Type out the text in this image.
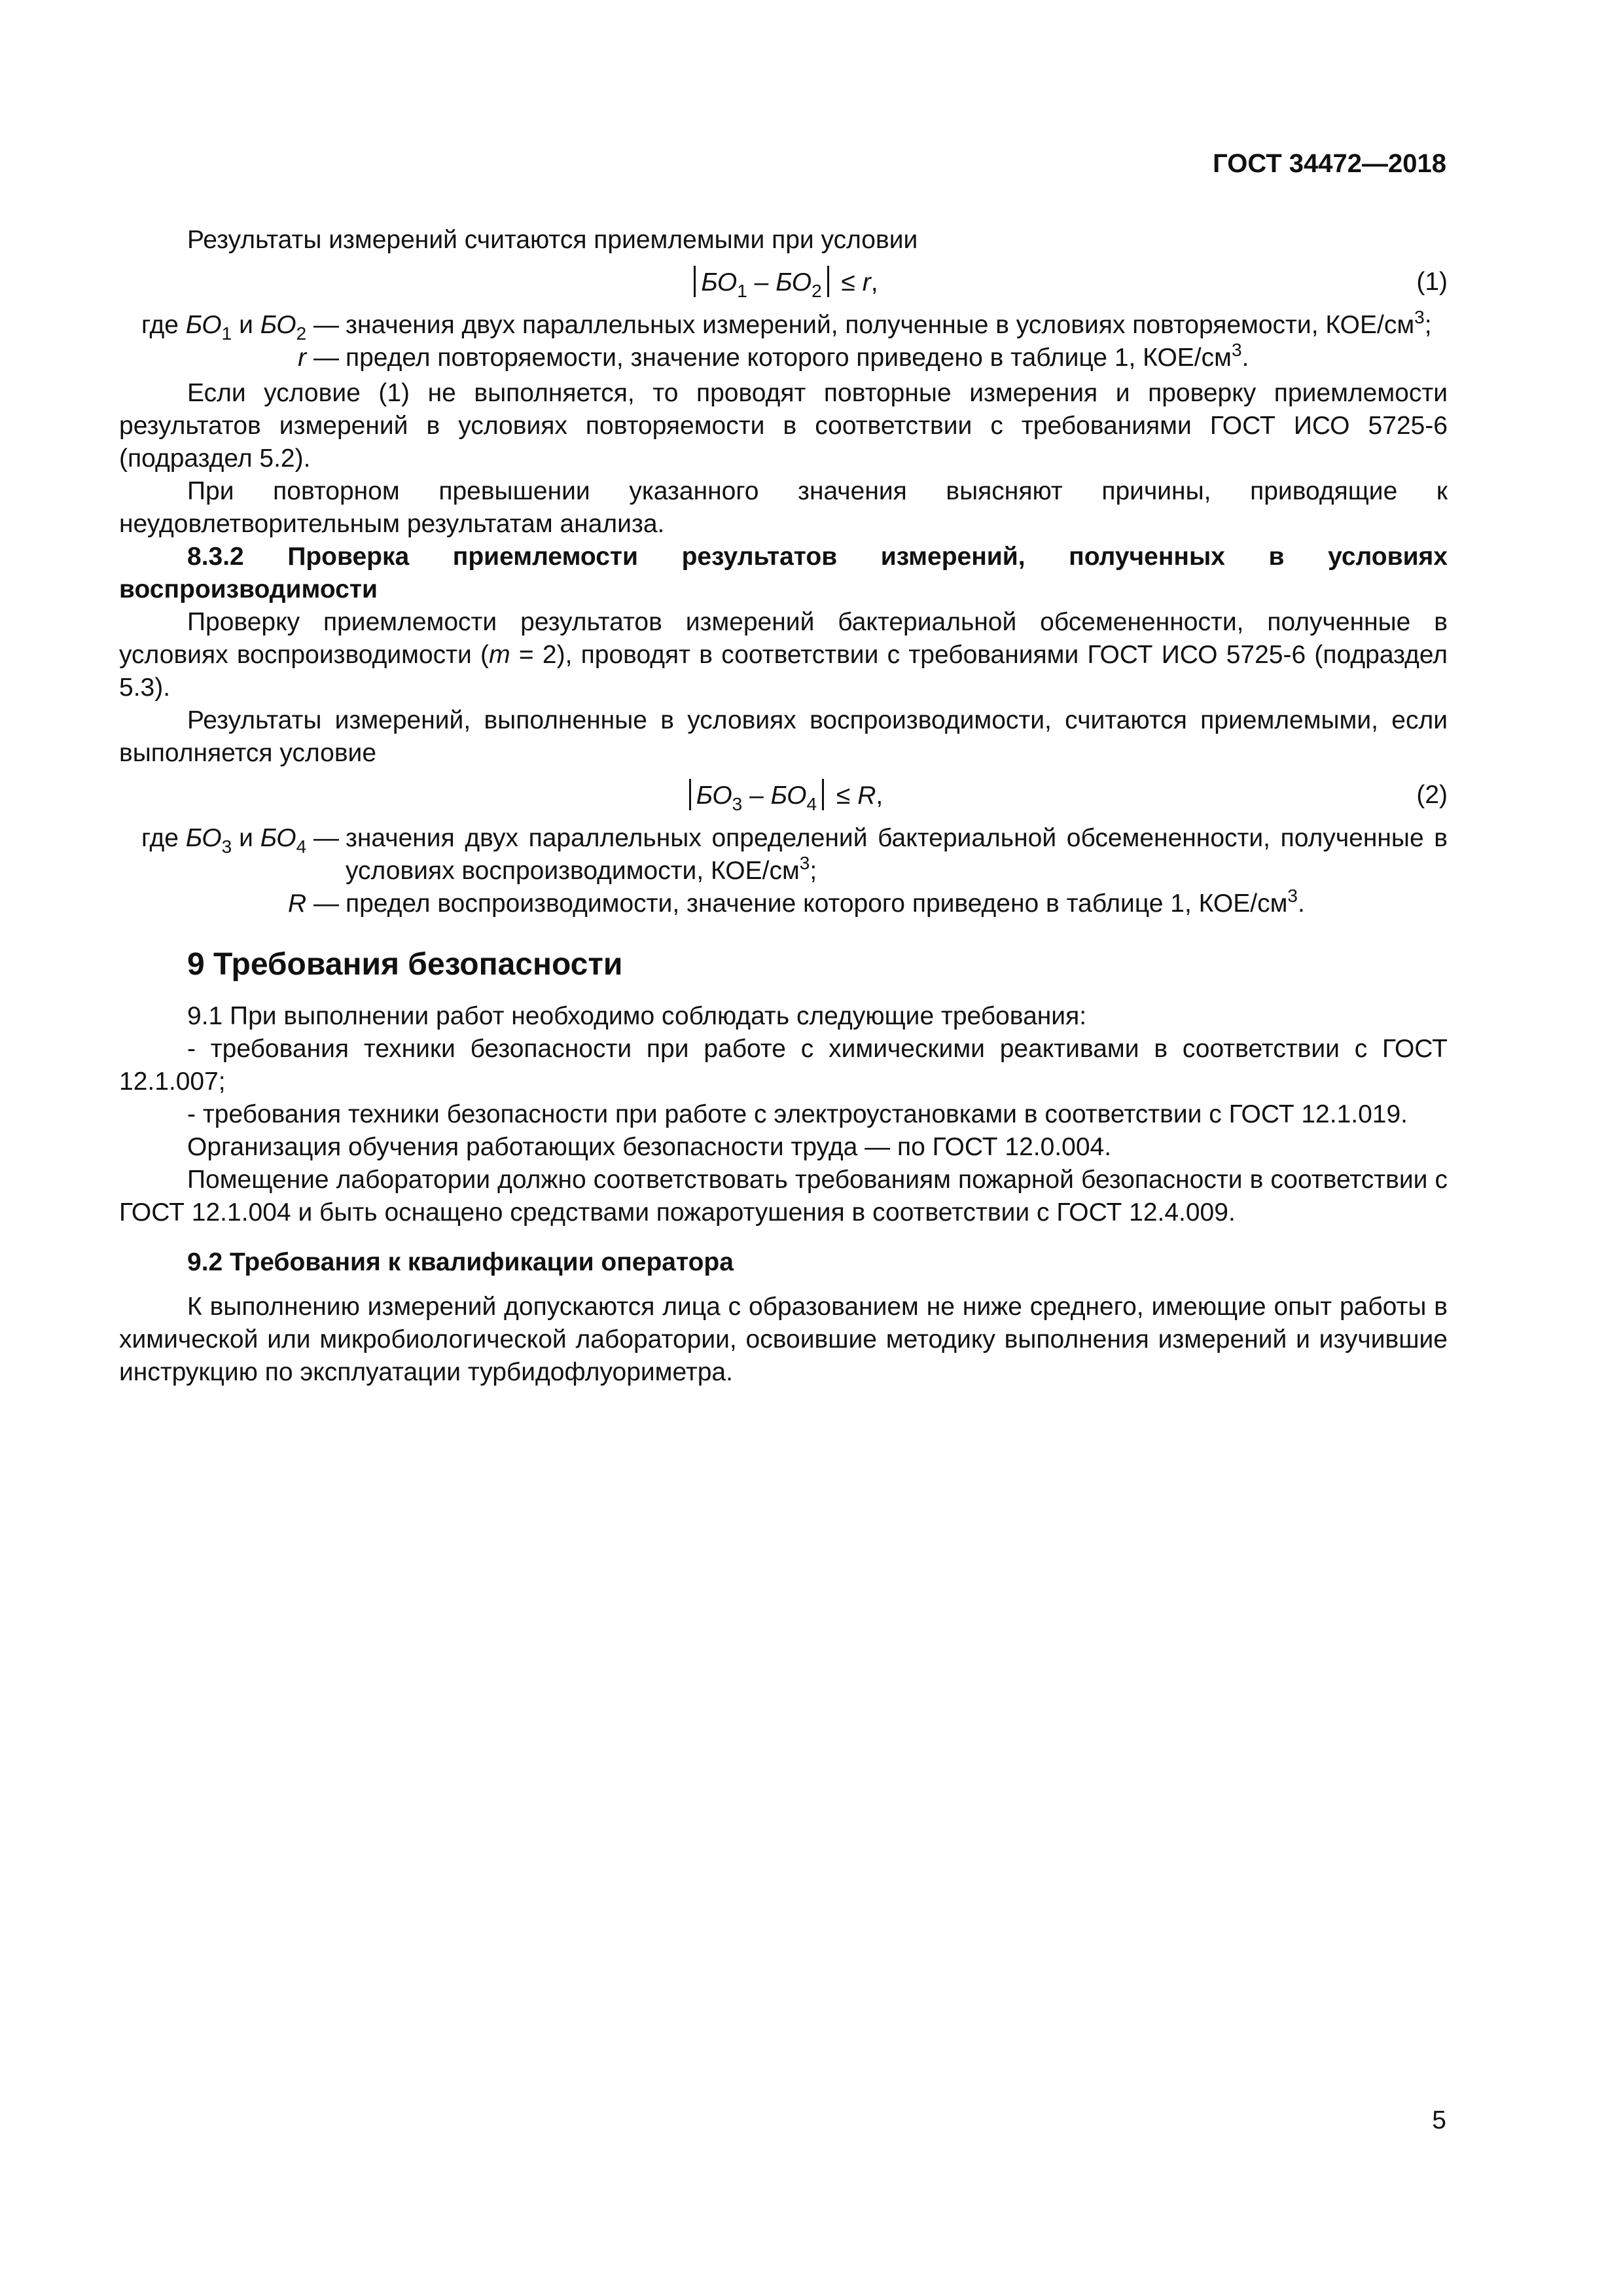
ГОСТ 34472—2018

Результаты измерений считаются приемлемыми при условии

$БО_1 - БО_2 \le r$,	(1)
где $БО_1$ и $БО_2$ — значения двух параллельных измерений, полученные в условиях повторяемости, КОЕ/$см^3$;
r — предел повторяемости, значение которого приведено в таблице 1, КОЕ/$см^3$.

Если условие (1) не выполняется, то проводят повторные измерения и проверку приемлемости результатов измерений в условиях повторяемости в соответствии с требованиями ГОСТ ИСО 5725-6 (подраздел 5.2).

При повторном превышении указанного значения выясняют причины, приводящие к неудовлетворительным результатам анализа.

8.3.2 Проверка приемлемости результатов измерений, полученных в условиях воспроизводимости

Проверку приемлемости результатов измерений бактериальной обсемененности, полученные в условиях воспроизводимости (m = 2), проводят в соответствии с требованиями ГОСТ ИСО 5725-6 (подраздел 5.3).

Результаты измерений, выполненные в условиях воспроизводимости, считаются приемлемыми, если выполняется условие

$БО_3 - БО_4 \le R$,	(2)
где $БО_3$ и $БО_4$ — значения двух параллельных определений бактериальной обсемененности, полученные в условиях воспроизводимости, КОЕ/$см^3$;
R — предел воспроизводимости, значение которого приведено в таблице 1, КОЕ/$см^3$.
9 Требования безопасности

9.1 При выполнении работ необходимо соблюдать следующие требования:

- требования техники безопасности при работе с химическими реактивами в соответствии с ГОСТ 12.1.007;

- требования техники безопасности при работе с электроустановками в соответствии с ГОСТ 12.1.019.

Организация обучения работающих безопасности труда — по ГОСТ 12.0.004.

Помещение лаборатории должно соответствовать требованиям пожарной безопасности в соответствии с ГОСТ 12.1.004 и быть оснащено средствами пожаротушения в соответствии с ГОСТ 12.4.009.

9.2 Требования к квалификации оператора

К выполнению измерений допускаются лица с образованием не ниже среднего, имеющие опыт работы в химической или микробиологической лаборатории, освоившие методику выполнения измерений и изучившие инструкцию по эксплуатации турбидофлуориметра.

5
